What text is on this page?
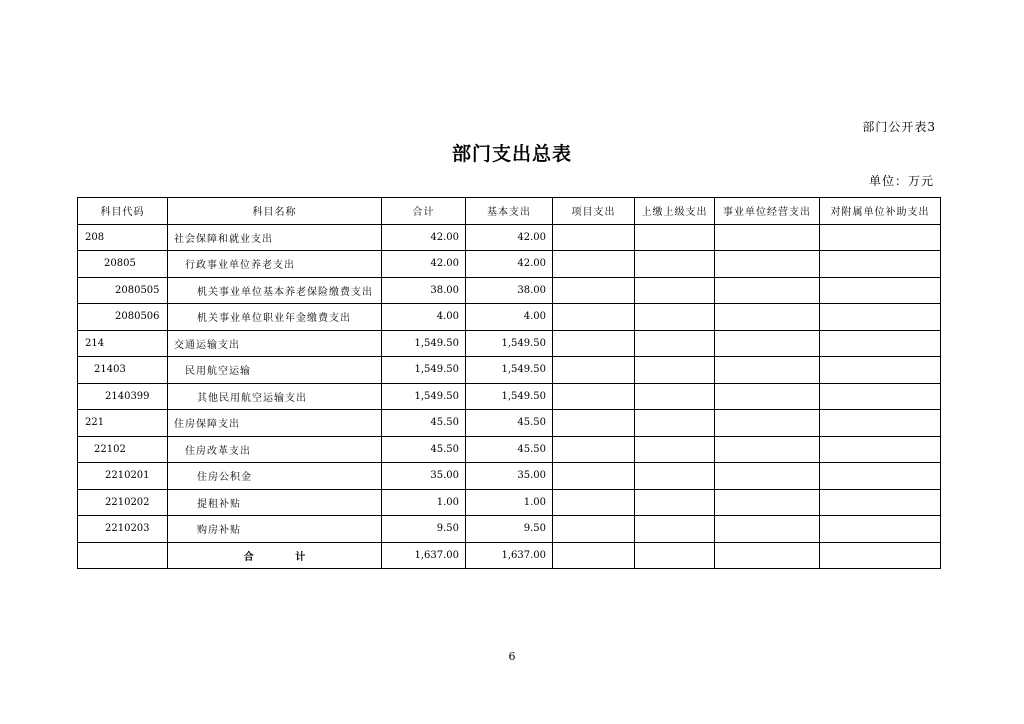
部门公开表3
部门支出总表
单位：万元
科目代码	科目名称	合计	基本支出	项目支出	上缴上级支出	事业单位经营支出	对附属单位补助支出
208	社会保障和就业支出	42.00	42.00				
20805	行政事业单位养老支出	42.00	42.00				
2080505	机关事业单位基本养老保险缴费支出	38.00	38.00				
2080506	机关事业单位职业年金缴费支出	4.00	4.00				
214	交通运输支出	1,549.50	1,549.50				
21403	民用航空运输	1,549.50	1,549.50				
2140399	其他民用航空运输支出	1,549.50	1,549.50				
221	住房保障支出	45.50	45.50				
22102	住房改革支出	45.50	45.50				
2210201	住房公积金	35.00	35.00				
2210202	提租补贴	1.00	1.00				
2210203	购房补贴	9.50	9.50				
	合 计	1,637.00	1,637.00				
6
